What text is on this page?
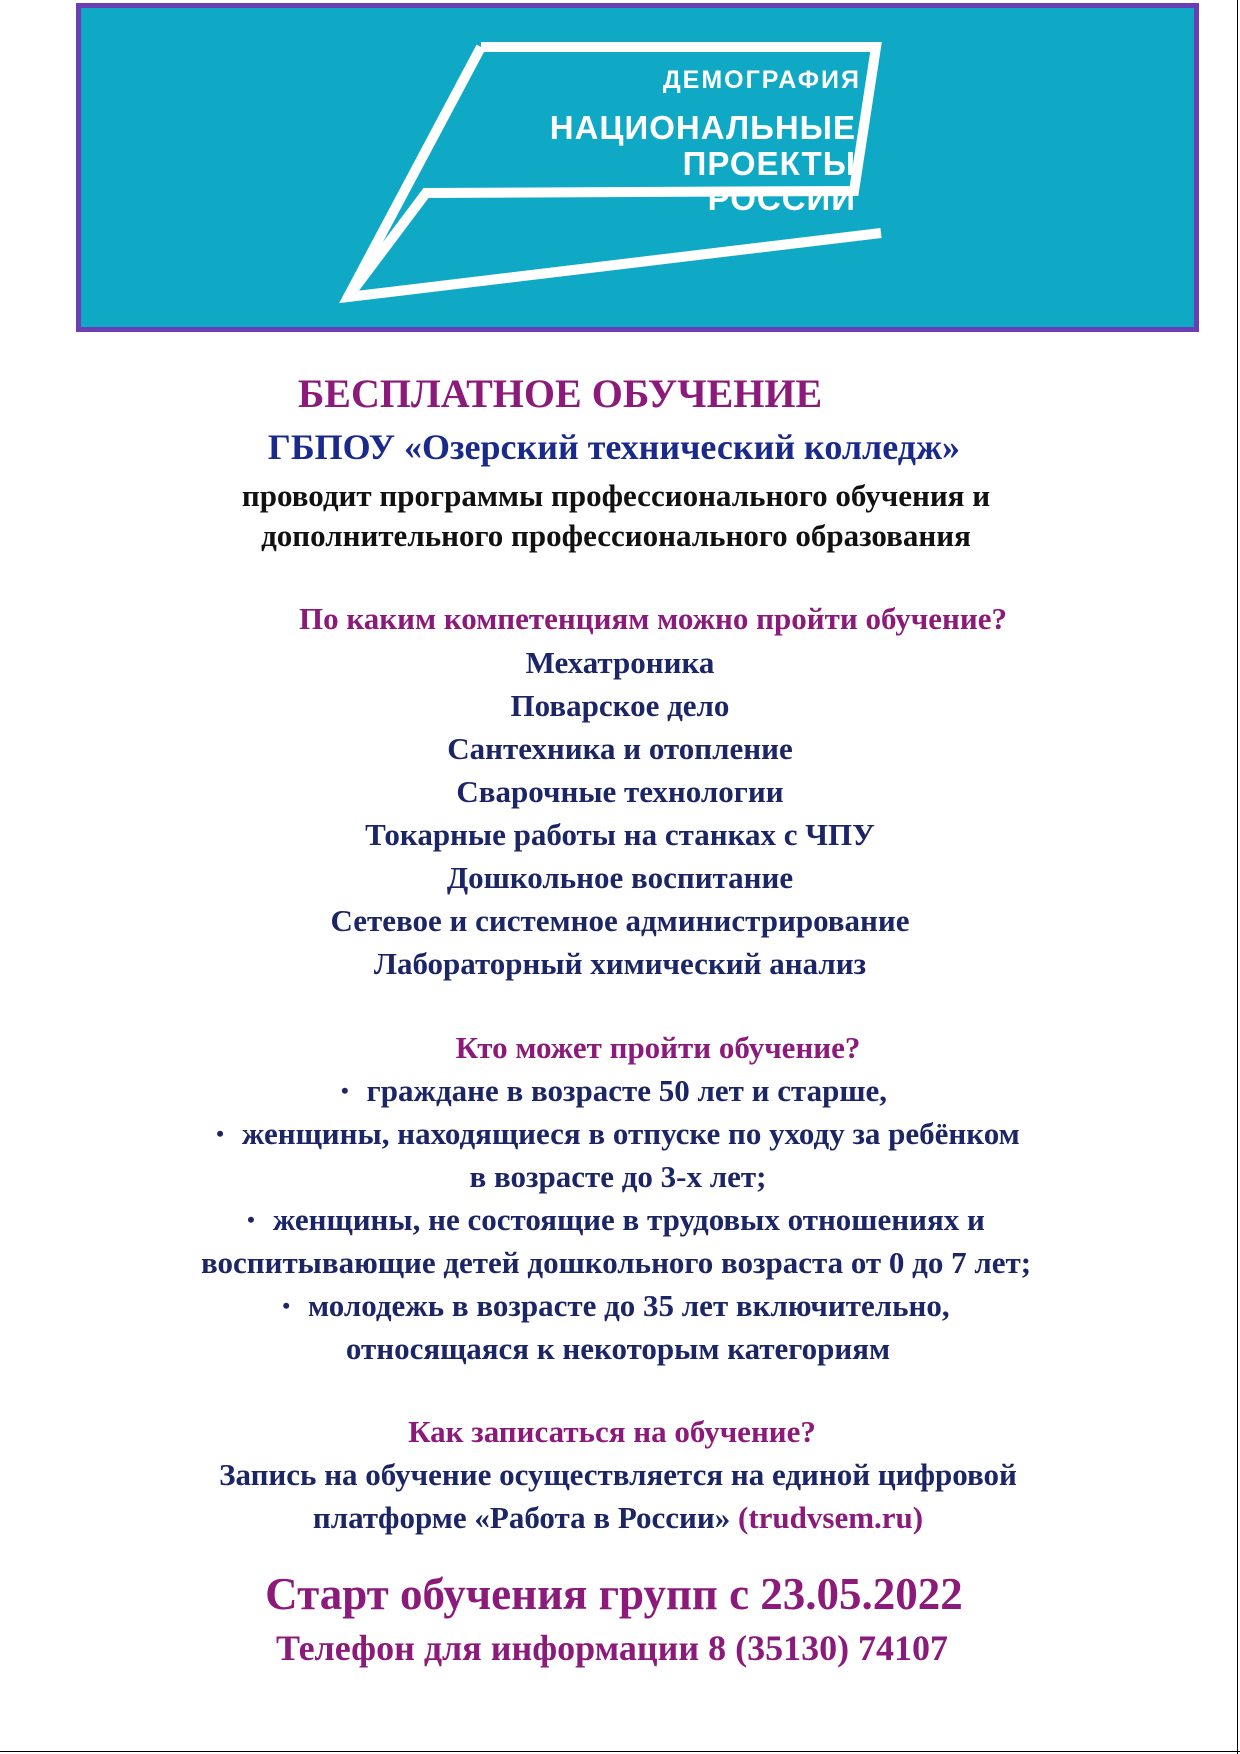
ДЕМОГРАФИЯ
НАЦИОНАЛЬНЫЕ
ПРОЕКТЫ
РОССИИ
БЕСПЛАТНОЕ ОБУЧЕНИЕ
ГБПОУ «Озерский технический колледж»
проводит программы профессионального обучения и
дополнительного профессионального образования
По каким компетенциям можно пройти обучение?
Мехатроника
Поварское дело
Сантехника и отопление
Сварочные технологии
Токарные работы на станках с ЧПУ
Дошкольное воспитание
Сетевое и системное администрирование
Лабораторный химический анализ
Кто может пройти обучение?
• граждане в возрасте 50 лет и старше,
• женщины, находящиеся в отпуске по уходу за ребёнком
в возрасте до 3-х лет;
• женщины, не состоящие в трудовых отношениях и
воспитывающие детей дошкольного возраста от 0 до 7 лет;
• молодежь в возрасте до 35 лет включительно,
относящаяся к некоторым категориям
Как записаться на обучение?
Запись на обучение осуществляется на единой цифровой
платформе «Работа в России» (trudvsem.ru)
Старт обучения групп с 23.05.2022
Телефон для информации 8 (35130) 74107
